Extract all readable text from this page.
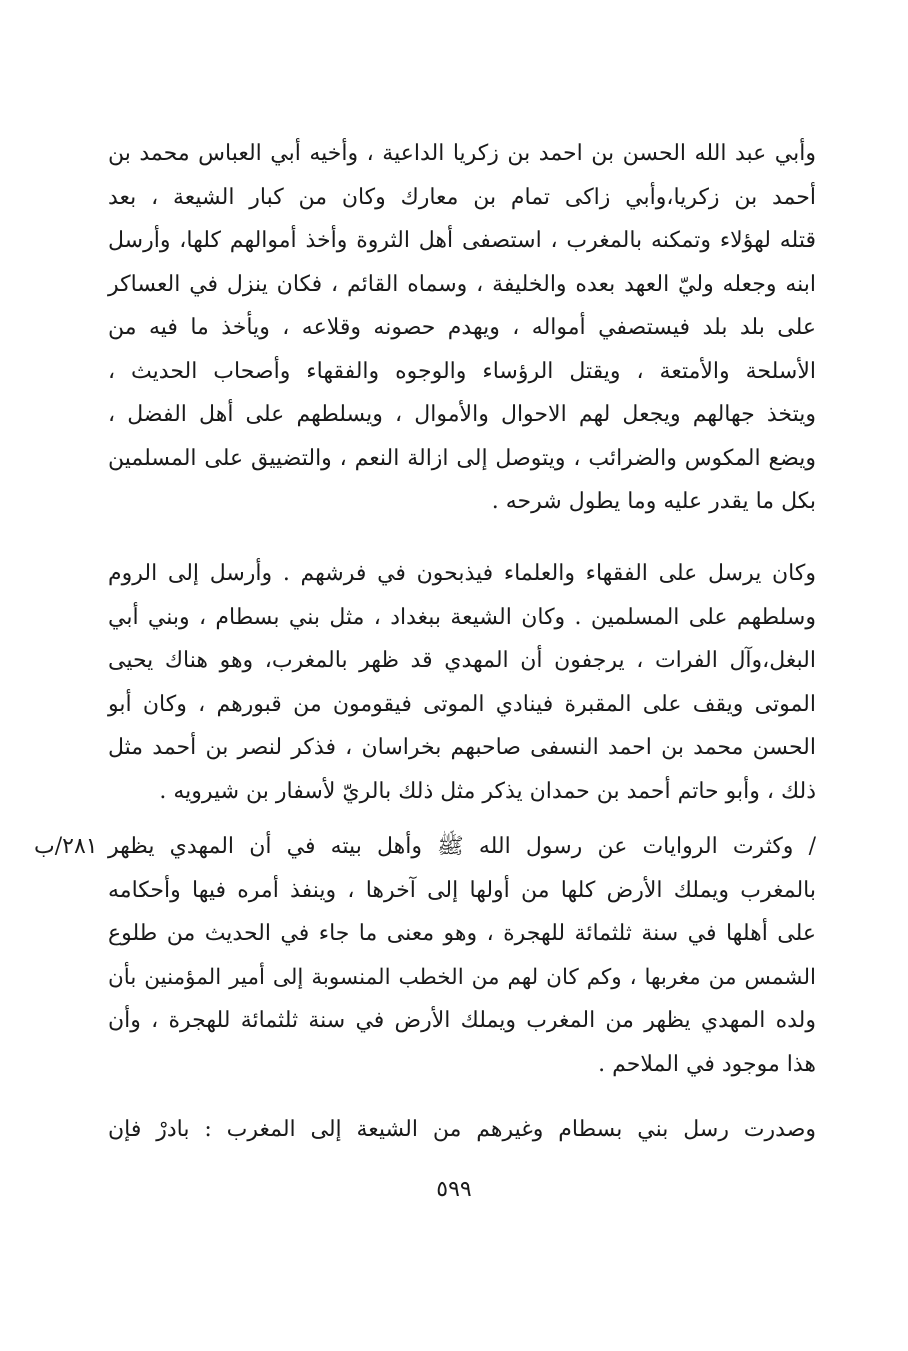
وأبي عبد الله الحسن بن احمد بن زكريا الداعية ، وأخيه أبي العباس محمد بن
أحمد بن زكريا،وأبي زاكى تمام بن معارك وكان من كبار الشيعة ، بعد
قتله لهؤلاء وتمكنه بالمغرب ، استصفى أهل الثروة وأخذ أموالهم كلها، وأرسل
ابنه وجعله وليّ العهد بعده والخليفة ، وسماه القائم ، فكان ينزل في العساكر
على بلد بلد فيستصفي أمواله ، ويهدم حصونه وقلاعه ، ويأخذ ما فيه من
الأسلحة والأمتعة ، ويقتل الرؤساء والوجوه والفقهاء وأصحاب الحديث ،
ويتخذ جهالهم ويجعل لهم الاحوال والأموال ، ويسلطهم على أهل الفضل ،
ويضع المكوس والضرائب ، ويتوصل إلى ازالة النعم ، والتضييق على المسلمين
بكل ما يقدر عليه وما يطول شرحه .
وكان يرسل على الفقهاء والعلماء فيذبحون في فرشهم . وأرسل إلى الروم
وسلطهم على المسلمين . وكان الشيعة ببغداد ، مثل بني بسطام ، وبني أبي
البغل،وآل الفرات ، يرجفون أن المهدي قد ظهر بالمغرب، وهو هناك يحيى
الموتى ويقف على المقبرة فينادي الموتى فيقومون من قبورهم ، وكان أبو
الحسن محمد بن احمد النسفى صاحبهم بخراسان ، فذكر لنصر بن أحمد مثل
ذلك ، وأبو حاتم أحمد بن حمدان يذكر مثل ذلك بالريّ لأسفار بن شيرويه .
٢٨١/ب / وكثرت الروايات عن رسول الله ﷺ وأهل بيته في أن المهدي يظهر
بالمغرب ويملك الأرض كلها من أولها إلى آخرها ، وينفذ أمره فيها وأحكامه
على أهلها في سنة ثلثمائة للهجرة ، وهو معنى ما جاء في الحديث من طلوع
الشمس من مغربها ، وكم كان لهم من الخطب المنسوبة إلى أمير المؤمنين بأن
ولده المهدي يظهر من المغرب ويملك الأرض في سنة ثلثمائة للهجرة ، وأن
هذا موجود في الملاحم .
وصدرت رسل بني بسطام وغيرهم من الشيعة إلى المغرب : بادرْ فإن
٥٩٩
